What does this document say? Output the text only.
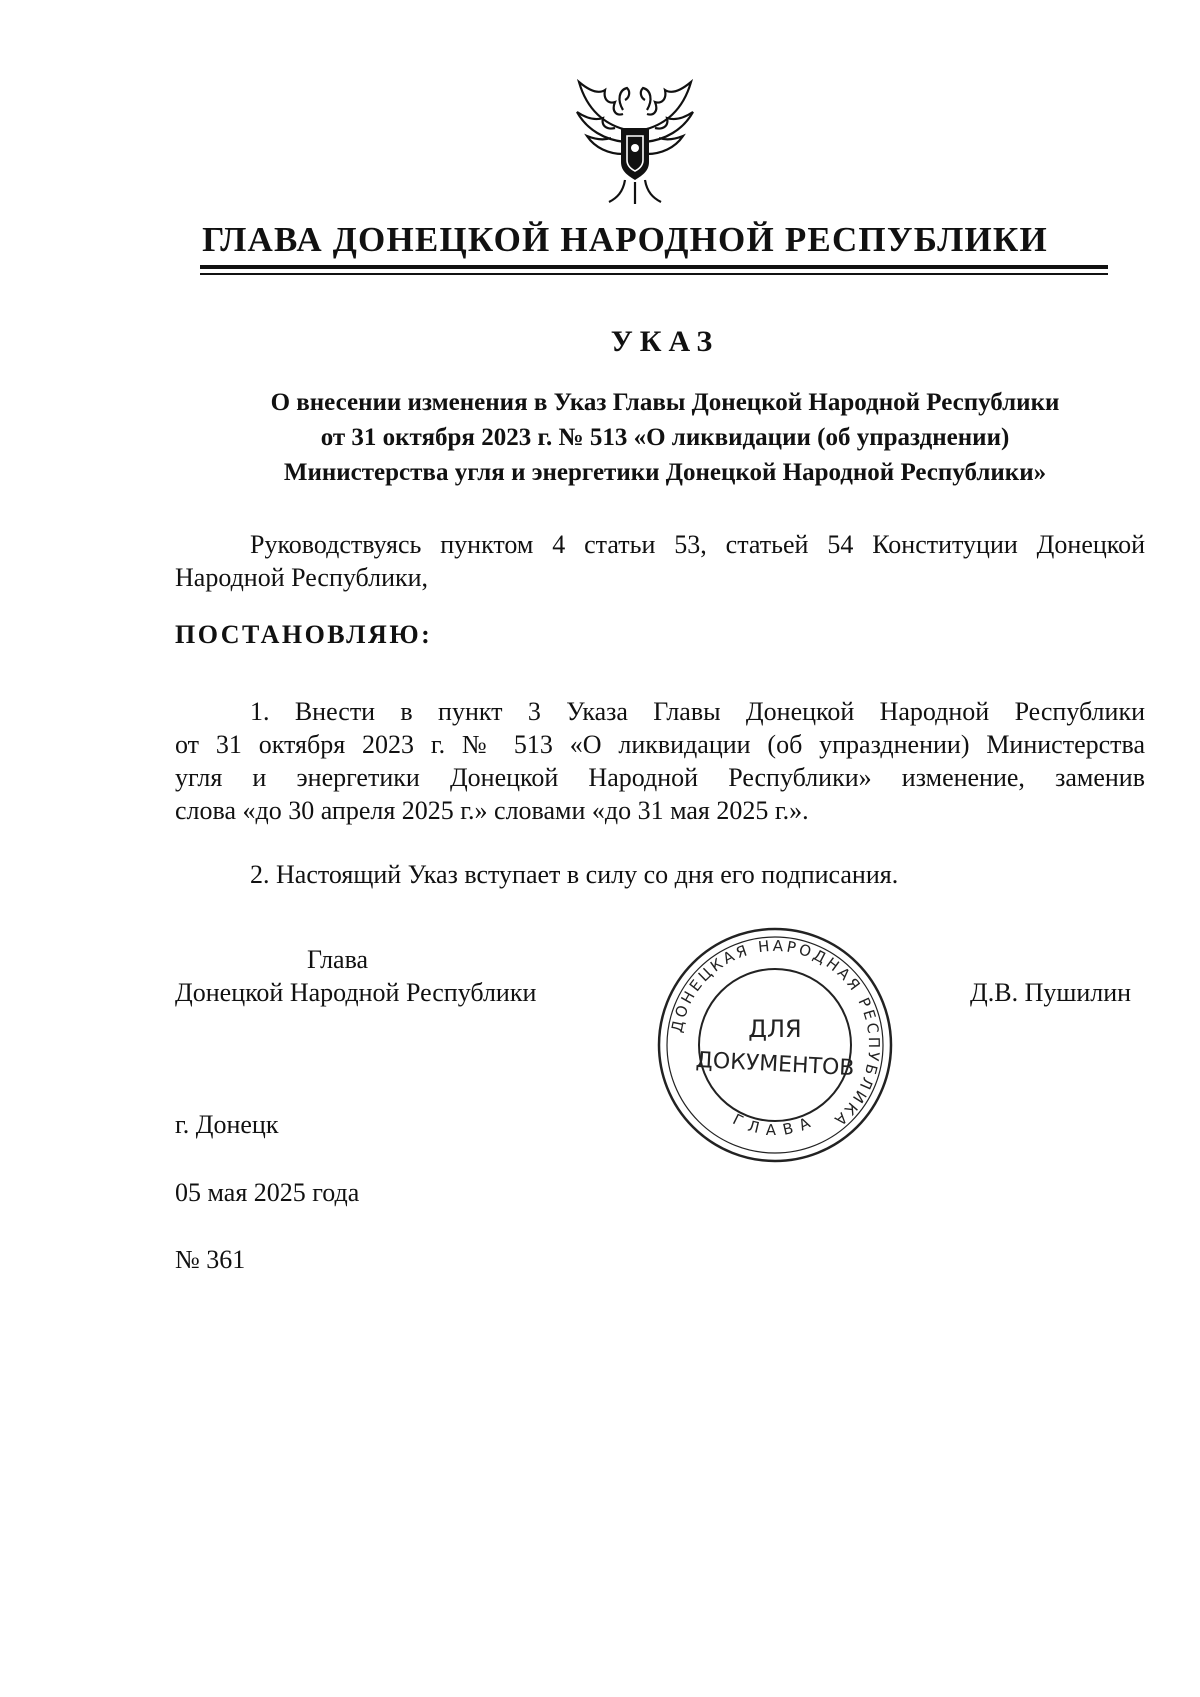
ГЛАВА ДОНЕЦКОЙ НАРОДНОЙ РЕСПУБЛИКИ
УКАЗ
О внесении изменения в Указ Главы Донецкой Народной Республики
от 31 октября 2023 г. № 513 «О ликвидации (об упразднении)
Министерства угля и энергетики Донецкой Народной Республики»
Руководствуясь пунктом 4 статьи 53, статьей 54 Конституции Донецкой
Народной Республики,
ПОСТАНОВЛЯЮ:
1. Внести в пункт 3 Указа Главы Донецкой Народной Республики
от 31 октября 2023 г. № 513 «О ликвидации (об упразднении) Министерства
угля и энергетики Донецкой Народной Республики» изменение, заменив
слова «до 30 апреля 2025 г.» словами «до 31 мая 2025 г.».
2. Настоящий Указ вступает в силу со дня его подписания.
Глава
Донецкой Народной Республики	Д.В. Пушилин
ДОНЕЦКАЯ НАРОДНАЯ РЕСПУБЛИКА
ГЛАВА
ДЛЯ
ДОКУМЕНТОВ
г. Донецк
05 мая 2025 года
№ 361
